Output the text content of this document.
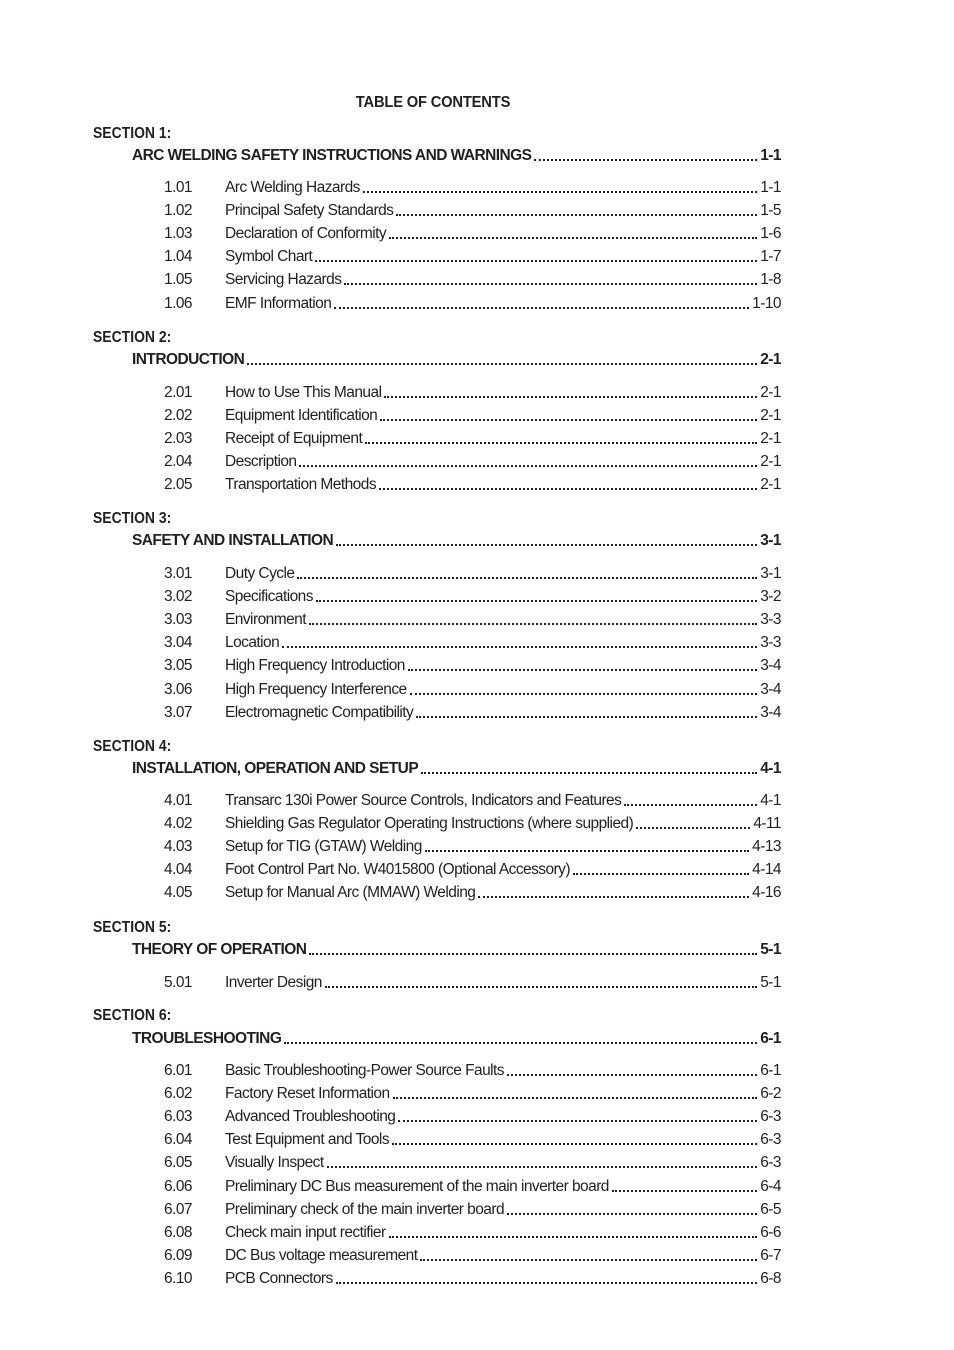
TABLE OF CONTENTS
SECTION 1:
ARC WELDING SAFETY INSTRUCTIONS AND WARNINGS	1-1
1.01	Arc Welding Hazards	1-1
1.02	Principal Safety Standards	1-5
1.03	Declaration of Conformity	1-6
1.04	Symbol Chart	1-7
1.05	Servicing Hazards	1-8
1.06	EMF Information	1-10
SECTION 2:
INTRODUCTION	2-1
2.01	How to Use This Manual	2-1
2.02	Equipment Identification	2-1
2.03	Receipt of Equipment	2-1
2.04	Description	2-1
2.05	Transportation Methods	2-1
SECTION 3:
SAFETY AND INSTALLATION	3-1
3.01	Duty Cycle	3-1
3.02	Specifications	3-2
3.03	Environment	3-3
3.04	Location	3-3
3.05	High Frequency Introduction	3-4
3.06	High Frequency Interference	3-4
3.07	Electromagnetic Compatibility	3-4
SECTION 4:
INSTALLATION, OPERATION AND SETUP	4-1
4.01	Transarc 130i Power Source Controls, Indicators and Features	4-1
4.02	Shielding Gas Regulator Operating Instructions (where supplied)	4-11
4.03	Setup for TIG (GTAW) Welding	4-13
4.04	Foot Control Part No. W4015800 (Optional Accessory)	4-14
4.05	Setup for Manual Arc (MMAW) Welding	4-16
SECTION 5:
THEORY OF OPERATION	5-1
5.01	Inverter Design	5-1
SECTION 6:
TROUBLESHOOTING	6-1
6.01	Basic Troubleshooting-Power Source Faults	6-1
6.02	Factory Reset Information	6-2
6.03	Advanced Troubleshooting	6-3
6.04	Test Equipment and Tools	6-3
6.05	Visually Inspect	6-3
6.06	Preliminary DC Bus measurement of the main inverter board	6-4
6.07	Preliminary check of the main inverter board	6-5
6.08	Check main input rectifier	6-6
6.09	DC Bus voltage measurement	6-7
6.10	PCB Connectors	6-8
